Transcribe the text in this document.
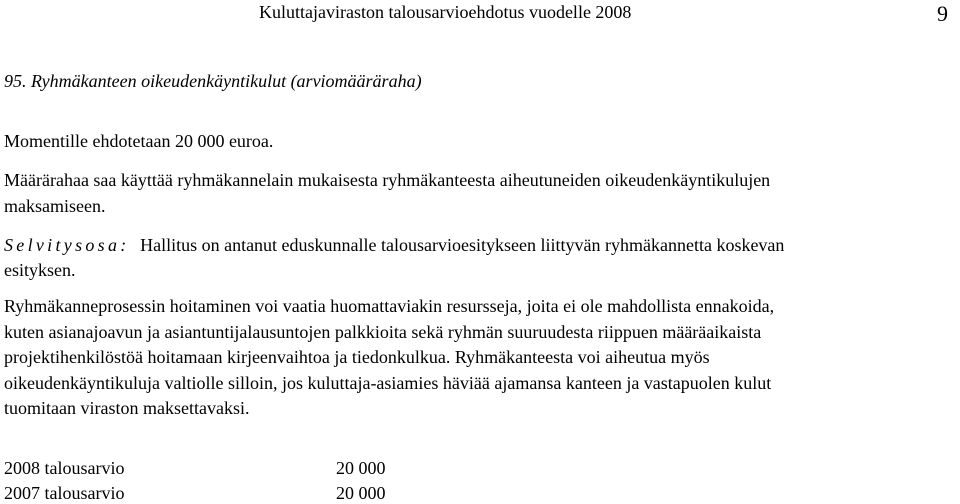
Kuluttajaviraston talousarvioehdotus vuodelle 2008	9
95. Ryhmäkanteen oikeudenkäyntikulut (arviomääräraha)
Momentille ehdotetaan 20 000 euroa.
Määrärahaa saa käyttää ryhmäkannelain mukaisesta ryhmäkanteesta aiheutuneiden oikeudenkäyntikulujen
maksamiseen.
Selvitysosa: Hallitus on antanut eduskunnalle talousarvioesitykseen liittyvän ryhmäkannetta koskevan
esityksen.
Ryhmäkanneprosessin hoitaminen voi vaatia huomattaviakin resursseja, joita ei ole mahdollista ennakoida,
kuten asianajoavun ja asiantuntijalausuntojen palkkioita sekä ryhmän suuruudesta riippuen määräaikaista
projektihenkilöstöä hoitamaan kirjeenvaihtoa ja tiedonkulkua. Ryhmäkanteesta voi aiheutua myös
oikeudenkäyntikuluja valtiolle silloin, jos kuluttaja-asiamies häviää ajamansa kanteen ja vastapuolen kulut
tuomitaan viraston maksettavaksi.
2008 talousarvio	20 000
2007 talousarvio	20 000
